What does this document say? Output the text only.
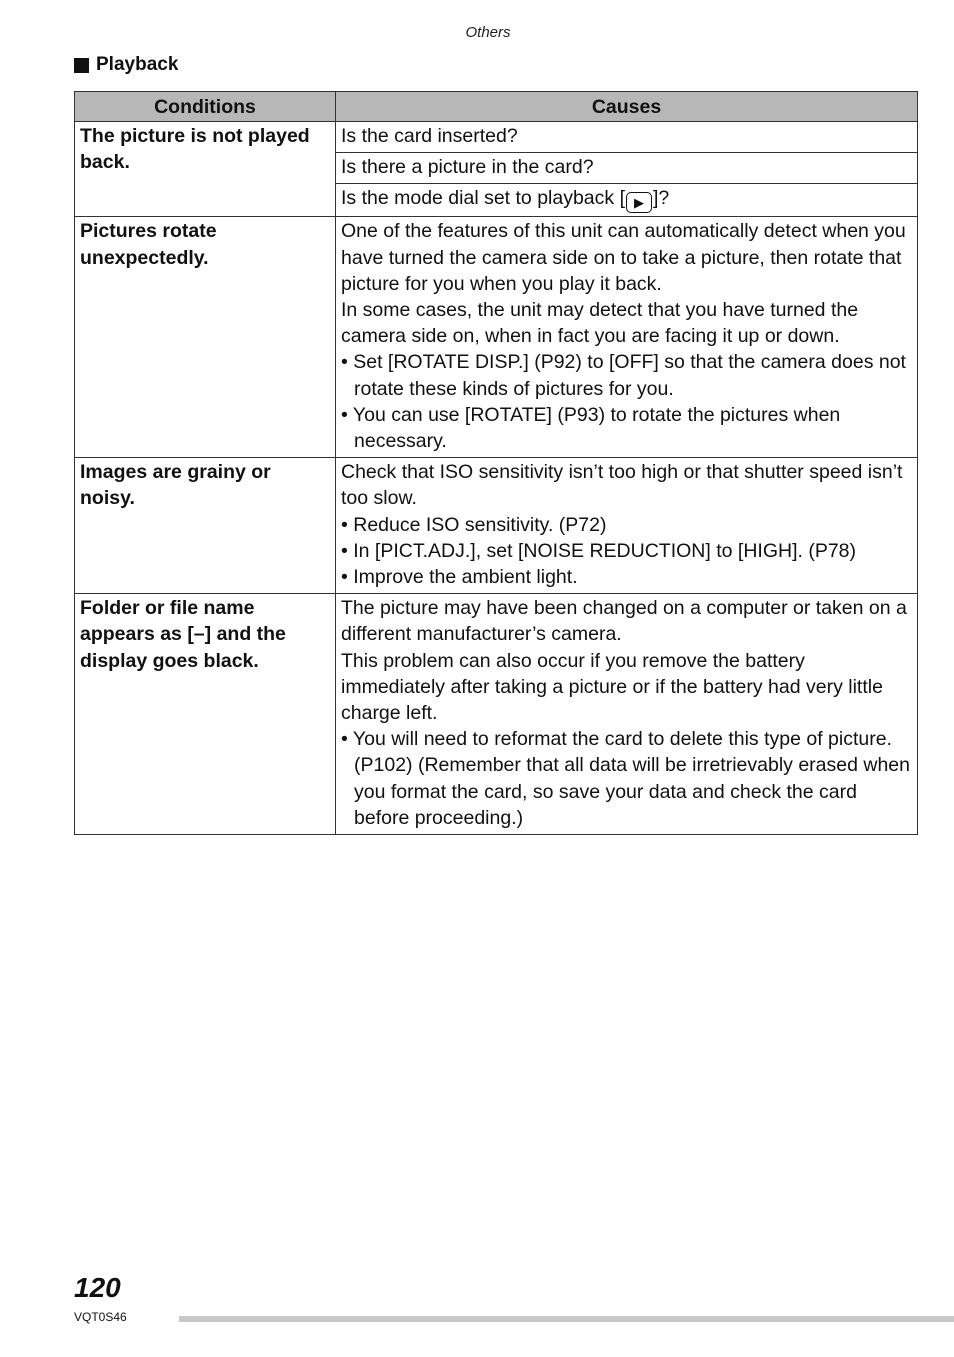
Others
Playback
Conditions	Causes
The picture is not played back.	Is the card inserted?
	Is there a picture in the card?
	Is the mode dial set to playback [ ▶ ]?
Pictures rotate unexpectedly.	One of the features of this unit can automatically detect when you have turned the camera side on to take a picture, then rotate that picture for you when you play it back.
In some cases, the unit may detect that you have turned the camera side on, when in fact you are facing it up or down.
• Set [ROTATE DISP.] (P92) to [OFF] so that the camera does not rotate these kinds of pictures for you.
• You can use [ROTATE] (P93) to rotate the pictures when necessary.

Images are grainy or noisy.	Check that ISO sensitivity isn’t too high or that shutter speed isn’t too slow.
• Reduce ISO sensitivity. (P72)
• In [PICT.ADJ.], set [NOISE REDUCTION] to [HIGH]. (P78)
• Improve the ambient light.

Folder or file name appears as [–] and the display goes black.	The picture may have been changed on a computer or taken on a different manufacturer’s camera.
This problem can also occur if you remove the battery immediately after taking a picture or if the battery had very little charge left.
• You will need to reformat the card to delete this type of picture. (P102) (Remember that all data will be irretrievably erased when you format the card, so save your data and check the card before proceeding.)
120
VQT0S46
